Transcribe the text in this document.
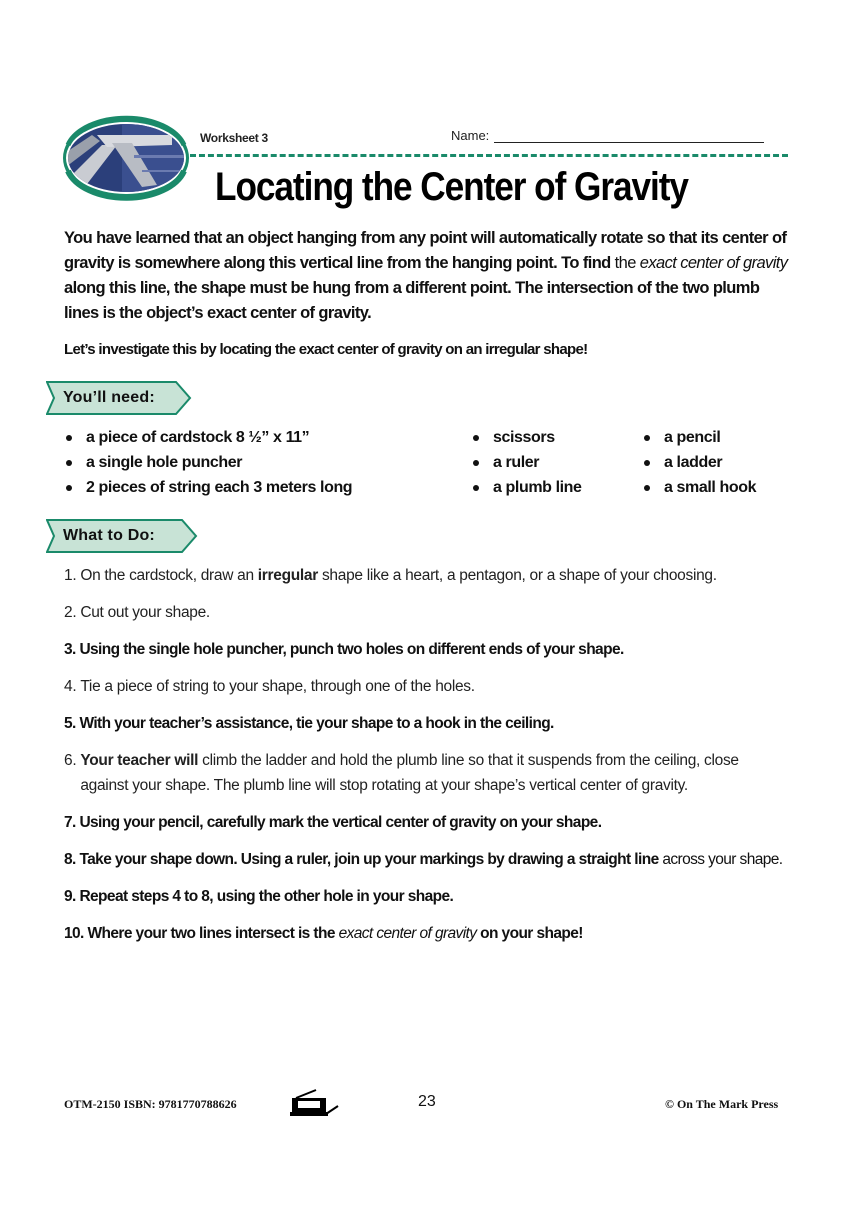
Worksheet 3	Name:
Locating the Center of Gravity
You have learned that an object hanging from any point will automatically rotate so that its center of gravity is somewhere along this vertical line from the hanging point. To find the exact center of gravity along this line, the shape must be hung from a different point. The intersection of the two plumb lines is the object’s exact center of gravity.
Let’s investigate this by locating the exact center of gravity on an irregular shape!
You’ll need:
a piece of cardstock 8 ½” x 11”
a single hole puncher
2 pieces of string each 3 meters long
scissors
a ruler
a plumb line
a pencil
a ladder
a small hook
What to Do:
1. On the cardstock, draw an irregular shape like a heart, a pentagon, or a shape of your choosing.
2. Cut out your shape.
3. Using the single hole puncher, punch two holes on different ends of your shape.
4. Tie a piece of string to your shape, through one of the holes.
5. With your teacher’s assistance, tie your shape to a hook in the ceiling.
6. Your teacher will climb the ladder and hold the plumb line so that it suspends from the ceiling, close against your shape. The plumb line will stop rotating at your shape’s vertical center of gravity.
7. Using your pencil, carefully mark the vertical center of gravity on your shape.
8. Take your shape down. Using a ruler, join up your markings by drawing a straight line across your shape.
9. Repeat steps 4 to 8, using the other hole in your shape.
10. Where your two lines intersect is the exact center of gravity on your shape!
OTM-2150 ISBN: 9781770788626	23	© On The Mark Press
